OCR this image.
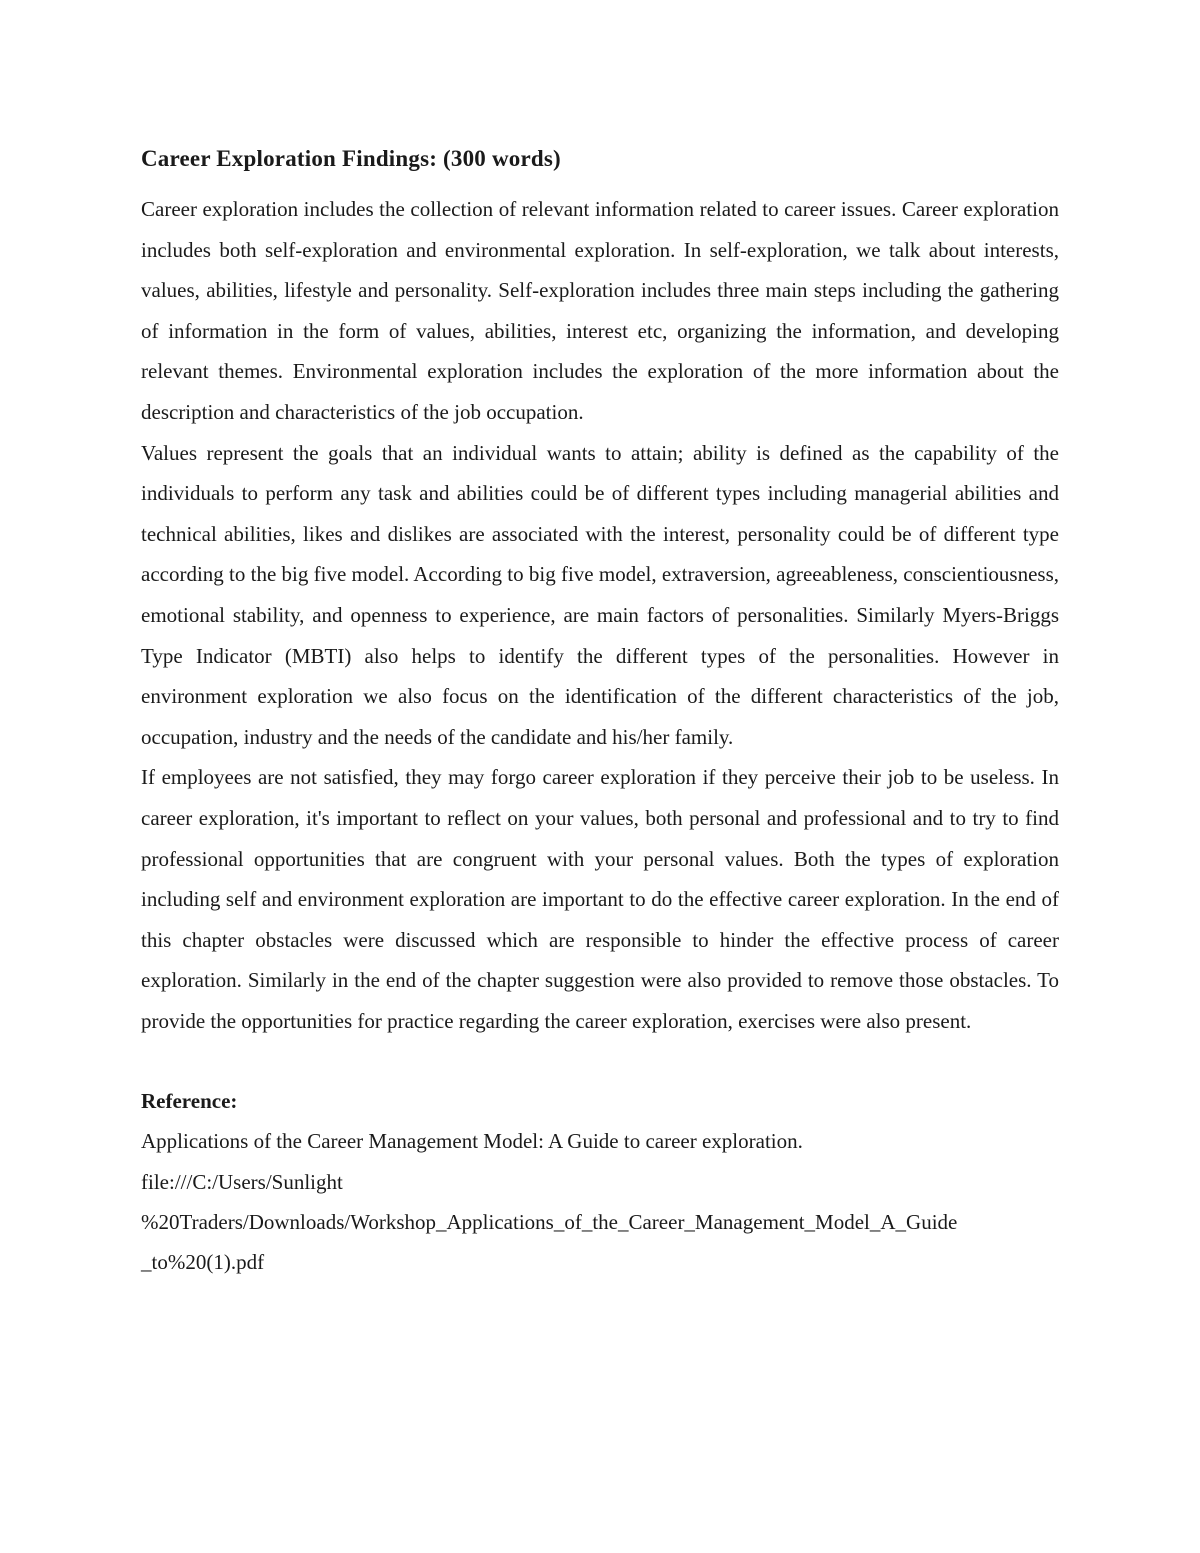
Career Exploration Findings: (300 words)

Career exploration includes the collection of relevant information related to career issues. Career exploration includes both self-exploration and environmental exploration. In self-exploration, we talk about interests, values, abilities, lifestyle and personality. Self-exploration includes three main steps including the gathering of information in the form of values, abilities, interest etc, organizing the information, and developing relevant themes. Environmental exploration includes the exploration of the more information about the description and characteristics of the job occupation.

Values represent the goals that an individual wants to attain; ability is defined as the capability of the individuals to perform any task and abilities could be of different types including managerial abilities and technical abilities, likes and dislikes are associated with the interest, personality could be of different type according to the big five model. According to big five model, extraversion, agreeableness, conscientiousness, emotional stability, and openness to experience, are main factors of personalities. Similarly Myers-Briggs Type Indicator (MBTI) also helps to identify the different types of the personalities. However in environment exploration we also focus on the identification of the different characteristics of the job, occupation, industry and the needs of the candidate and his/her family.

If employees are not satisfied, they may forgo career exploration if they perceive their job to be useless. In career exploration, it's important to reflect on your values, both personal and professional and to try to find professional opportunities that are congruent with your personal values. Both the types of exploration including self and environment exploration are important to do the effective career exploration. In the end of this chapter obstacles were discussed which are responsible to hinder the effective process of career exploration. Similarly in the end of the chapter suggestion were also provided to remove those obstacles. To provide the opportunities for practice regarding the career exploration, exercises were also present.

Reference:
Applications of the Career Management Model: A Guide to career exploration.
file:///C:/Users/Sunlight
%20Traders/Downloads/Workshop_Applications_of_the_Career_Management_Model_A_Guide
_to%20(1).pdf
